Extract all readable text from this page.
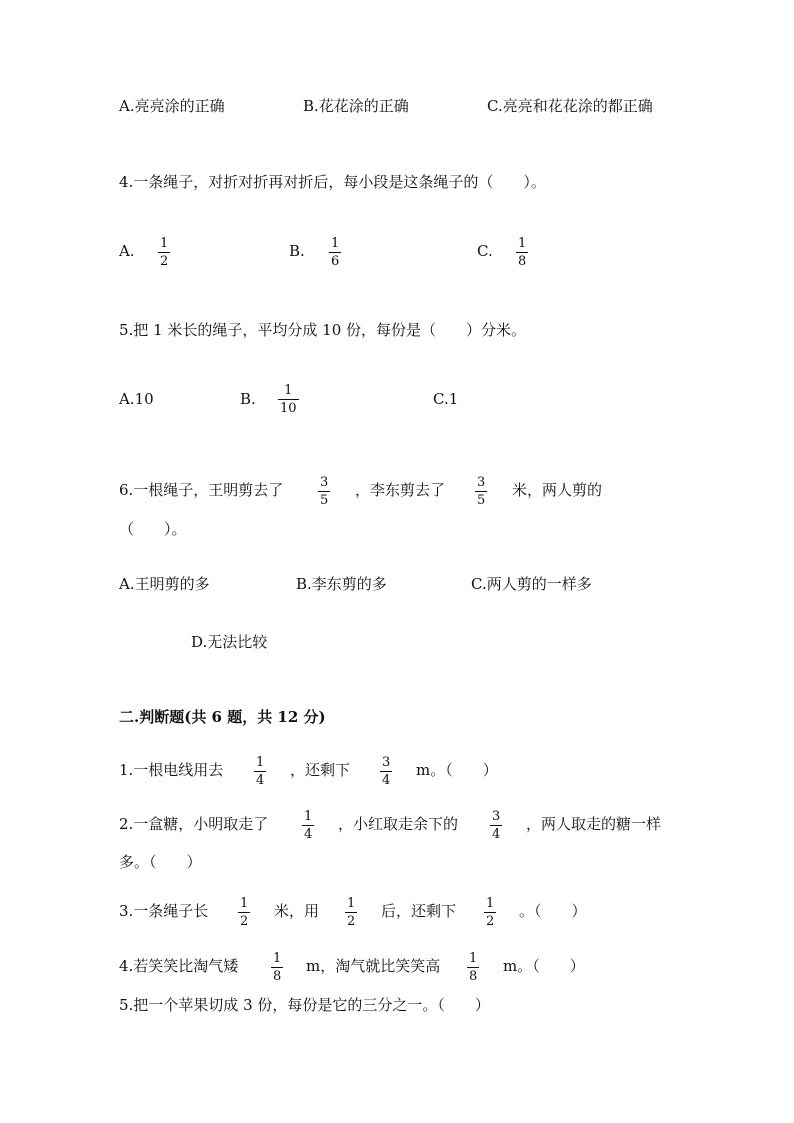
A.亮亮涂的正确	B.花花涂的正确	C.亮亮和花花涂的都正确
4.一条绳子，对折对折再对折后，每小段是这条绳子的（　　）。
A. 1
2
B. 1
6
C. 1
8
5.把 1 米长的绳子，平均分成 10 份，每份是（　　）分米。
A.10	B. 1
10
C.1
6.一根绳子，王明剪去了	3
5
，李东剪去了 3
5
米，两人剪的
（　　）。
A.王明剪的多	B.李东剪的多	C.两人剪的一样多
D.无法比较
二.判断题(共 6 题，共 12 分)
1.一根电线用去	1
4
，还剩下 3
4
m。（　　）
2.一盒糖，小明取走了	1
4
，小红取走余下的	3
4
，两人取走的糖一样
多。（　　）
3.一条绳子长 1
2
米，用 1
2
后，还剩下 1
2
。（　　）
4.若笑笑比淘气矮	1
8
m，淘气就比笑笑高 1
8
m。（　　）
5.把一个苹果切成 3 份，每份是它的三分之一。（　　）
